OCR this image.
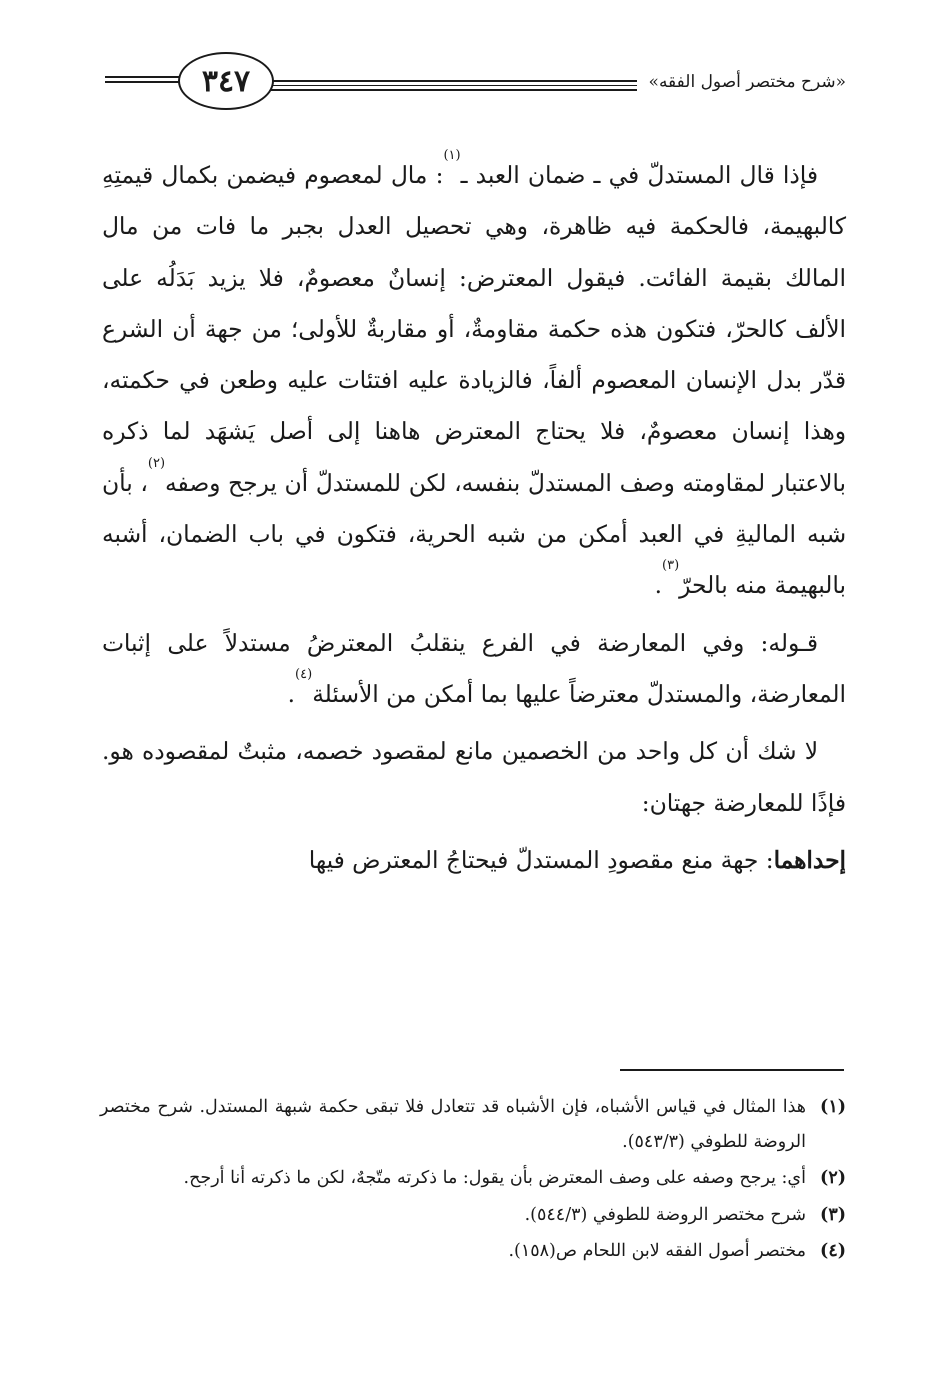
٣٤٧	«شرح مختصر أصول الفقه»

فإذا قال المستدلّ في ـ ضمان العبد ـ$^{(١)}$: مال لمعصوم فيضمن بكمال قيمتِهِ كالبهيمة، فالحكمة فيه ظاهرة، وهي تحصيل العدل بجبر ما فات من مال المالك بقيمة الفائت. فيقول المعترض: إنسانٌ معصومٌ، فلا يزيد بَدَلُه على الألف كالحرّ، فتكون هذه حكمة مقاومةٌ، أو مقاربةٌ للأولى؛ من جهة أن الشرع قدّر بدل الإنسان المعصوم ألفاً، فالزيادة عليه افتئات عليه وطعن في حكمته، وهذا إنسان معصومٌ، فلا يحتاج المعترض هاهنا إلى أصل يَشهَد لما ذكره بالاعتبار لمقاومته وصف المستدلّ بنفسه، لكن للمستدلّ أن يرجح وصفه$^{(٢)}$، بأن شبه الماليةِ في العبد أمكن من شبه الحرية، فتكون في باب الضمان، أشبه بالبهيمة منه بالحرّ$^{(٣)}$.

قـوله: وفي المعارضة في الفرع ينقلبُ المعترضُ مستدلاً على إثبات المعارضة، والمستدلّ معترضاً عليها بما أمكن من الأسئلة$^{(٤)}$.

لا شك أن كل واحد من الخصمين مانع لمقصود خصمه، مثبتٌ لمقصوده هو. فإذًا للمعارضة جهتان:

إحداهما: جهة منع مقصودِ المستدلّ فيحتاجُ المعترض فيها

(١)
هذا المثال في قياس الأشباه، فإن الأشباه قد تتعادل فلا تبقى حكمة شبهة المستدل. شرح مختصر الروضة للطوفي (٥٤٣/٣).
(٢)
أي: يرجح وصفه على وصف المعترض بأن يقول: ما ذكرته متّجهٌ، لكن ما ذكرته أنا أرجح.
(٣)
شرح مختصر الروضة للطوفي (٥٤٤/٣).
(٤)
مختصر أصول الفقه لابن اللحام ص(١٥٨).
